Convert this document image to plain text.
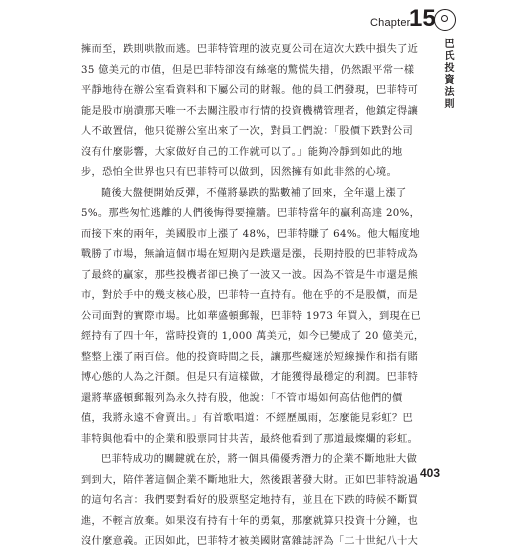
Chapter
15
巴
氏
投
資
法
則
擁而至，跌則哄散而逃。巴菲特管理的波克夏公司在這次大跌中損失了近
35 億美元的市值，但是巴菲特卻沒有絲毫的驚慌失措，仍然跟平常一樣
平靜地待在辦公室看資料和下屬公司的財報。他的員工們發現，巴菲特可
能是股市崩潰那天唯一不去關注股市行情的投資機構管理者，他鎮定得讓
人不敢置信，他只從辦公室出來了一次，對員工們說：「股價下跌對公司
沒有什麼影響，大家做好自己的工作就可以了。」能夠冷靜到如此的地
步，恐怕全世界也只有巴菲特可以做到，因然擁有如此非然的心境。
隨後大盤便開始反彈，不僅將暴跌的點數補了回來，全年還上漲了
5%。那些匆忙逃離的人們後悔得要撞牆。巴菲特當年的贏利高達 20%，
而接下來的兩年，美國股市上漲了 48%，巴菲特賺了 64%。他大幅度地
戰勝了市場，無論這個市場在短期內是跌還是漲，長期持股的巴菲特成為
了最終的贏家，那些投機者卻已換了一波又一波。因為不管是牛市還是熊
市，對於手中的幾支核心股，巴菲特一直持有。他在乎的不是股價，而是
公司面對的實際市場。比如華盛頓郵報，巴菲特 1973 年買入，到現在已
經持有了四十年，當時投資的 1,000 萬美元，如今已變成了 20 億美元，
整整上漲了兩百倍。他的投資時間之長，讓那些癡迷於短線操作和指有賭
博心態的人為之汗顏。但是只有這樣做，才能獲得最穩定的利潤。巴菲特
還將華盛頓郵報列為永久持有股，他說：「不管市場如何高估他們的價
值，我將永遠不會賣出。」有首歌唱道：不經歷風雨，怎麼能見彩虹？巴
菲特與他看中的企業和股票同甘共苦，最終他看到了那道最燦爛的彩虹。
巴菲特成功的關鍵就在於，將一個具備優秀潛力的企業不斷地壯大做
到到大，陪伴著這個企業不斷地壯大，然後跟著發大財。正如巴菲特說過
的這句名言：我們要對看好的股票堅定地持有，並且在下跌的時候不斷買
進，不輕言放棄。如果沒有持有十年的勇氣，那麼就算只投資十分鐘，也
沒什麼意義。正因如此，巴菲特才被美國財富雜誌評為「二十世紀八十大
403
